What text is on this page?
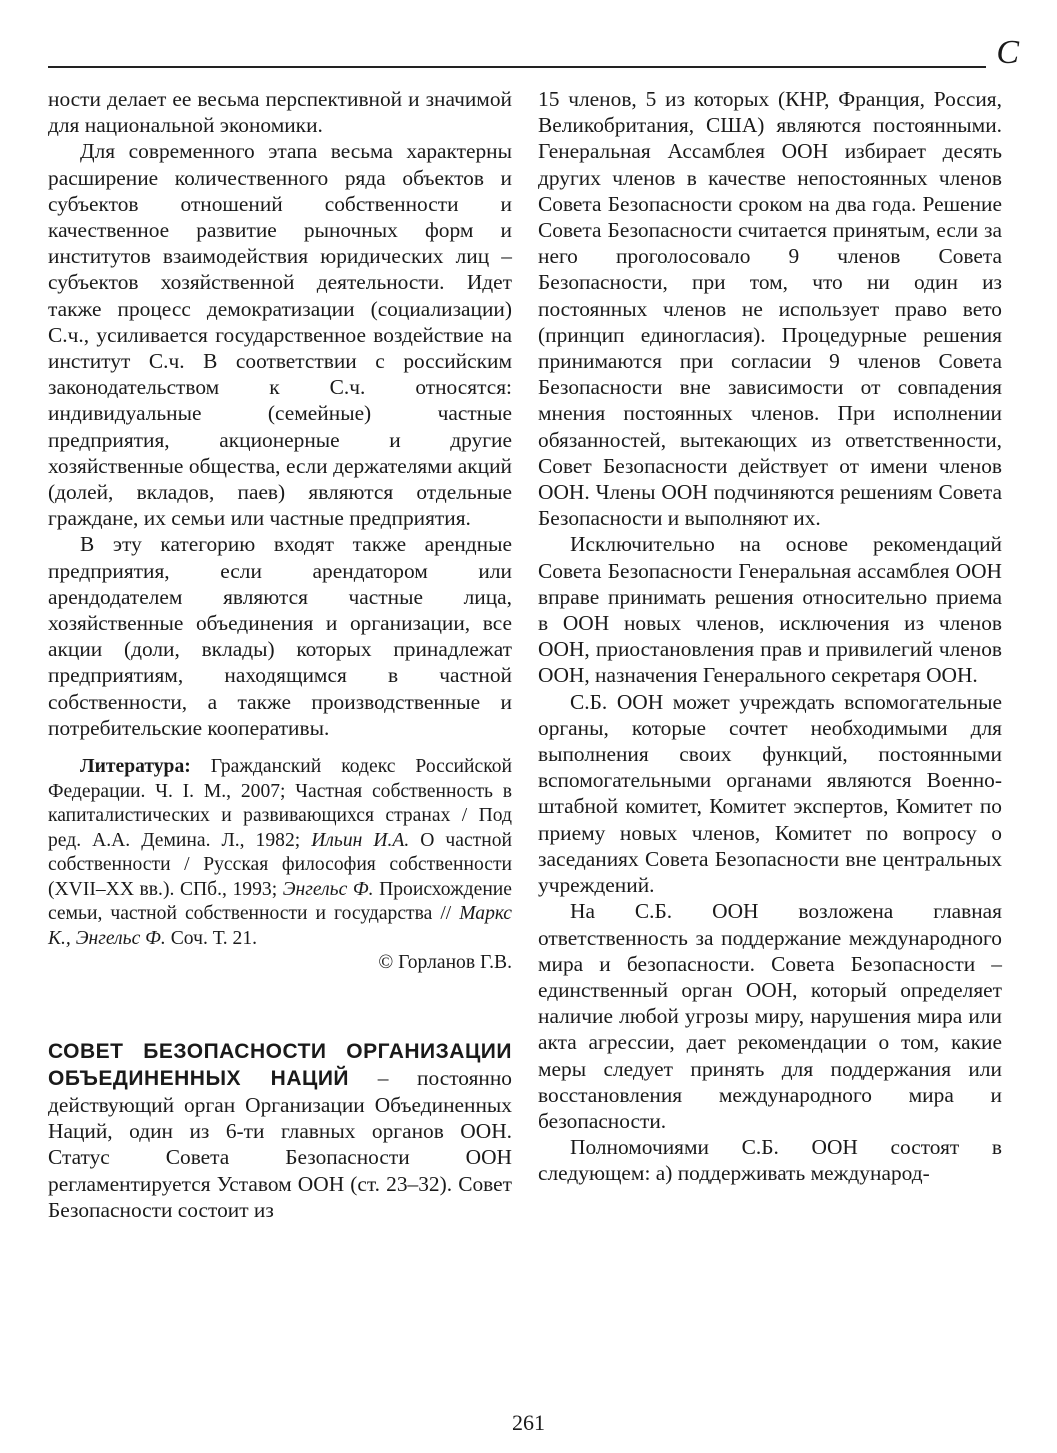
С

ности делает ее весьма перспективной и значимой для национальной экономики.

Для современного этапа весьма характерны расширение количественного ряда объектов и субъектов отношений собственности и качественное развитие рыночных форм и институтов взаимодействия юридических лиц – субъектов хозяйственной деятельности. Идет также процесс демократизации (социализации) С.ч., усиливается государственное воздействие на институт С.ч. В соответствии с российским законодательством к С.ч. относятся: индивидуальные (семейные) частные предприятия, акционерные и другие хозяйственные общества, если держателями акций (долей, вкладов, паев) являются отдельные граждане, их семьи или частные предприятия.

В эту категорию входят также арендные предприятия, если арендатором или арендодателем являются частные лица, хозяйственные объединения и организации, все акции (доли, вклады) которых принадлежат предприятиям, находящимся в частной собственности, а также производственные и потребительские кооперативы.

Литература: Гражданский кодекс Российской Федерации. Ч. I. М., 2007; Частная собственность в капиталистических и развивающихся странах / Под ред. А.А. Демина. Л., 1982; Ильин И.А. О частной собственности / Русская философия собственности (XVII–XX вв.). СПб., 1993; Энгельс Ф. Происхождение семьи, частной собственности и государства // Маркс К., Энгельс Ф. Соч. Т. 21.

© Горланов Г.В.

СОВЕТ БЕЗОПАСНОСТИ ОРГАНИЗАЦИИ ОБЪЕДИНЕННЫХ НАЦИЙ – постоянно действующий орган Организации Объединенных Наций, один из 6-ти главных органов ООН. Статус Совета Безопасности ООН регламентируется Уставом ООН (ст. 23–32). Совет Безопасности состоит из

15 членов, 5 из которых (КНР, Франция, Россия, Великобритания, США) являются постоянными. Генеральная Ассамблея ООН избирает десять других членов в качестве непостоянных членов Совета Безопасности сроком на два года. Решение Совета Безопасности считается принятым, если за него проголосовало 9 членов Совета Безопасности, при том, что ни один из постоянных членов не использует право вето (принцип единогласия). Процедурные решения принимаются при согласии 9 членов Совета Безопасности вне зависимости от совпадения мнения постоянных членов. При исполнении обязанностей, вытекающих из ответственности, Совет Безопасности действует от имени членов ООН. Члены ООН подчиняются решениям Совета Безопасности и выполняют их.

Исключительно на основе рекомендаций Совета Безопасности Генеральная ассамблея ООН вправе принимать решения относительно приема в ООН новых членов, исключения из членов ООН, приостановления прав и привилегий членов ООН, назначения Генерального секретаря ООН.

С.Б. ООН может учреждать вспомогательные органы, которые сочтет необходимыми для выполнения своих функций, постоянными вспомогательными органами являются Военно-штабной комитет, Комитет экспертов, Комитет по приему новых членов, Комитет по вопросу о заседаниях Совета Безопасности вне центральных учреждений.

На С.Б. ООН возложена главная ответственность за поддержание международного мира и безопасности. Совета Безопасности – единственный орган ООН, который определяет наличие любой угрозы миру, нарушения мира или акта агрессии, дает рекомендации о том, какие меры следует принять для поддержания или восстановления международного мира и безопасности.

Полномочиями С.Б. ООН состоят в следующем: а) поддерживать международ-

261
